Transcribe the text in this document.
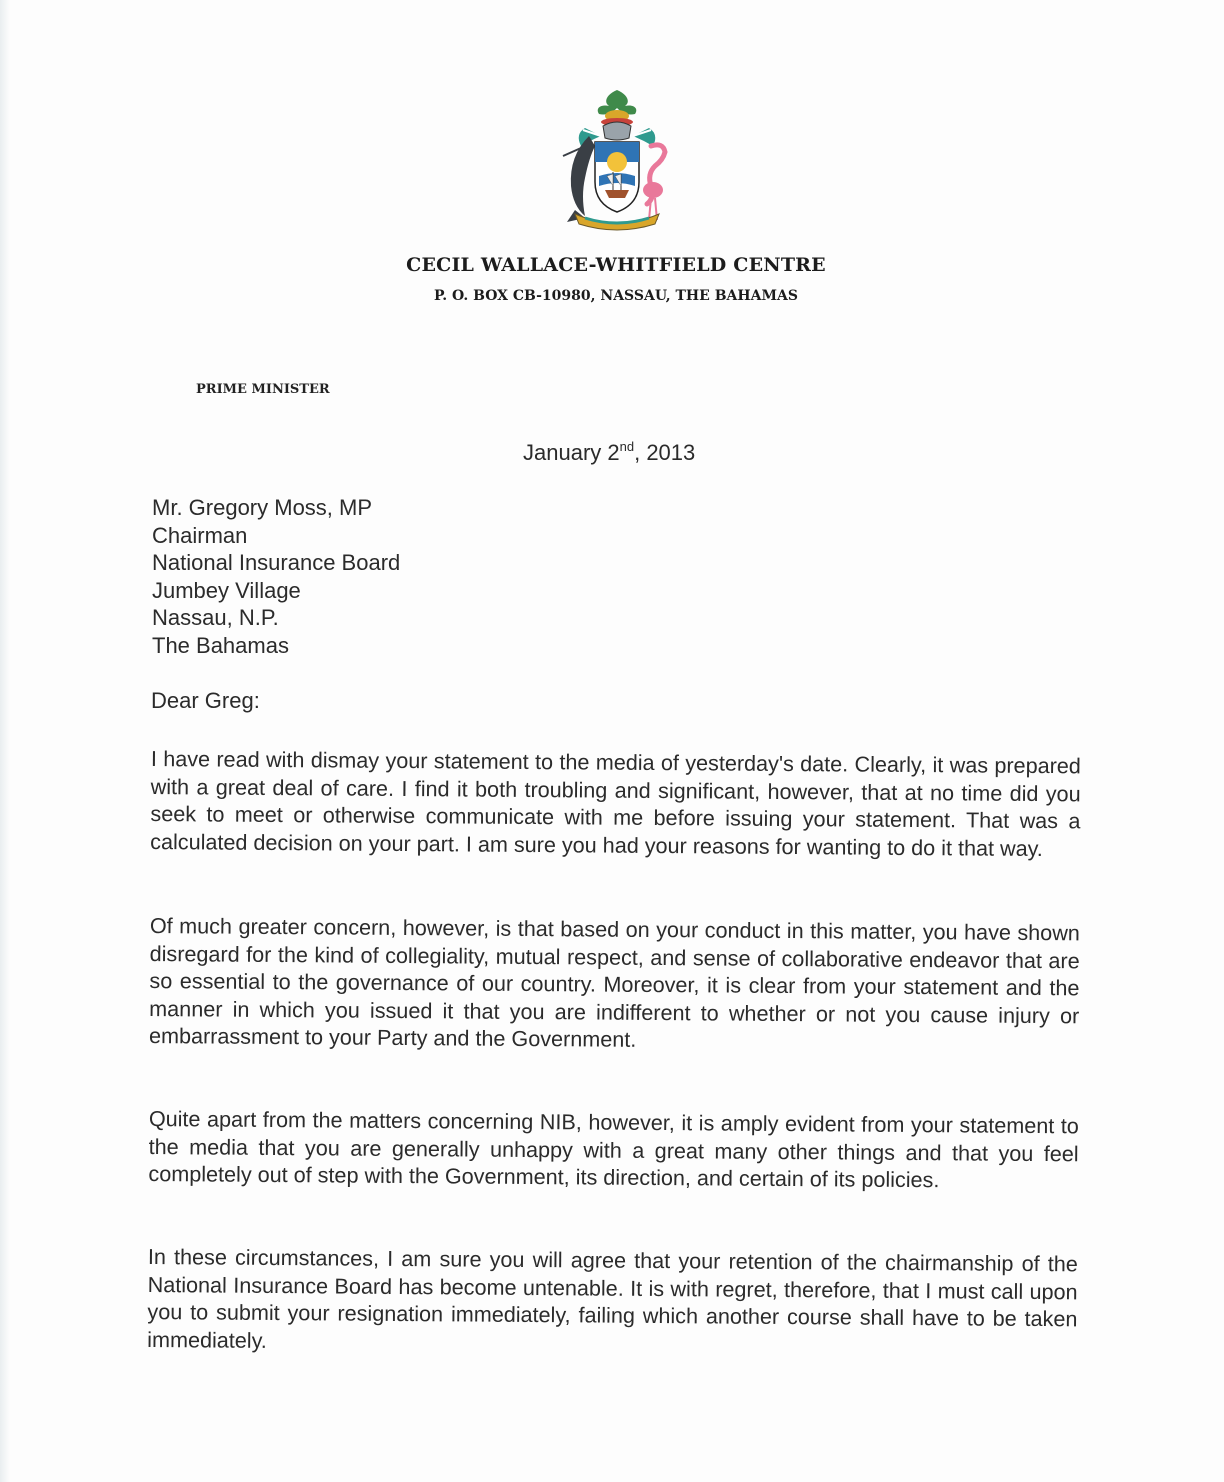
CECIL WALLACE-WHITFIELD CENTRE
P. O. BOX CB-10980, NASSAU, THE BAHAMAS
PRIME MINISTER
January 2nd, 2013
Mr. Gregory Moss, MP
Chairman
National Insurance Board
Jumbey Village
Nassau, N.P.
The Bahamas
Dear Greg:
I have read with dismay your statement to the media of yesterday's date. Clearly, it was prepared with a great deal of care. I find it both troubling and significant, however, that at no time did you seek to meet or otherwise communicate with me before issuing your statement. That was a calculated decision on your part. I am sure you had your reasons for wanting to do it that way.
Of much greater concern, however, is that based on your conduct in this matter, you have shown disregard for the kind of collegiality, mutual respect, and sense of collaborative endeavor that are so essential to the governance of our country. Moreover, it is clear from your statement and the manner in which you issued it that you are indifferent to whether or not you cause injury or embarrassment to your Party and the Government.
Quite apart from the matters concerning NIB, however, it is amply evident from your statement to the media that you are generally unhappy with a great many other things and that you feel completely out of step with the Government, its direction, and certain of its policies.
In these circumstances, I am sure you will agree that your retention of the chairmanship of the National Insurance Board has become untenable. It is with regret, therefore, that I must call upon you to submit your resignation immediately, failing which another course shall have to be taken immediately.
